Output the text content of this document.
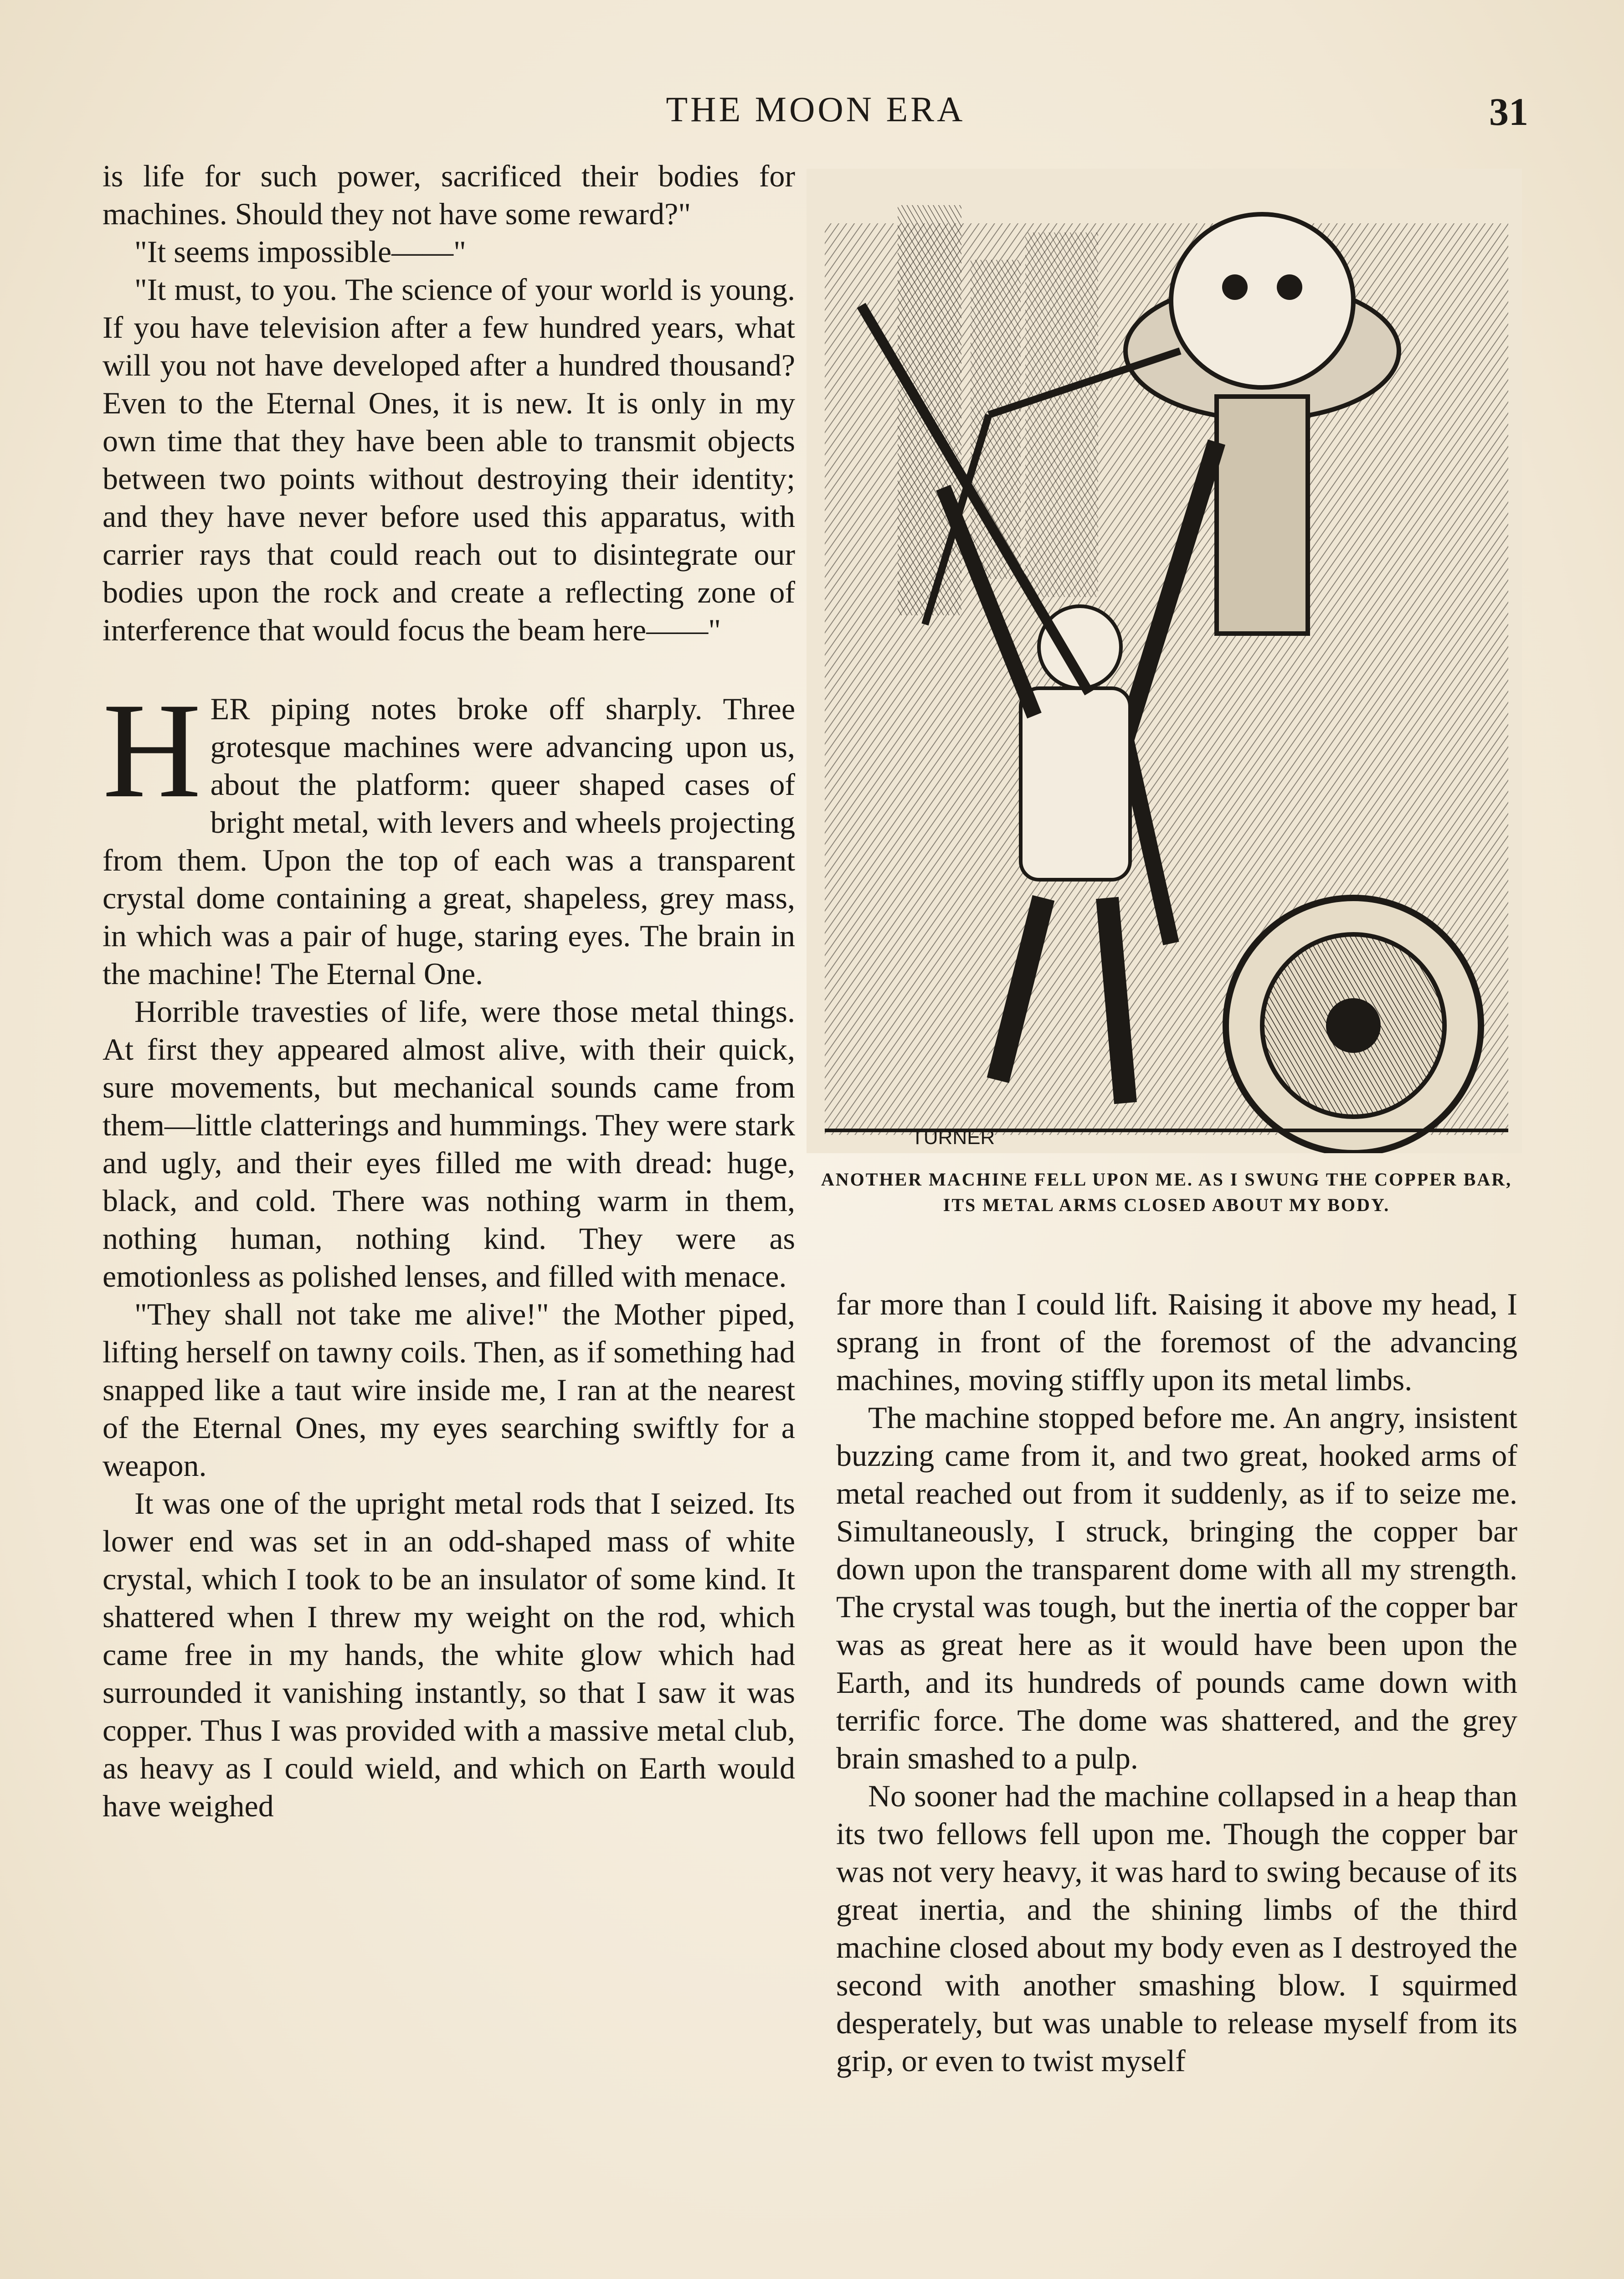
THE MOON ERA	31

is life for such power, sacrificed their bodies for machines. Should they not have some reward?"

"It seems impossible——"

"It must, to you. The science of your world is young. If you have television after a few hundred years, what will you not have developed after a hundred thousand? Even to the Eternal Ones, it is new. It is only in my own time that they have been able to transmit objects between two points without destroying their identity; and they have never before used this apparatus, with carrier rays that could reach out to disintegrate our bodies upon the rock and create a reflecting zone of interference that would focus the beam here——"

HER piping notes broke off sharply. Three grotesque machines were advancing upon us, about the platform: queer shaped cases of bright metal, with levers and wheels projecting from them. Upon the top of each was a transparent crystal dome containing a great, shapeless, grey mass, in which was a pair of huge, staring eyes. The brain in the machine! The Eternal One.

Horrible travesties of life, were those metal things. At first they appeared almost alive, with their quick, sure movements, but mechanical sounds came from them—little clatterings and hummings. They were stark and ugly, and their eyes filled me with dread: huge, black, and cold. There was nothing warm in them, nothing human, nothing kind. They were as emotionless as polished lenses, and filled with menace.

"They shall not take me alive!" the Mother piped, lifting herself on tawny coils. Then, as if something had snapped like a taut wire inside me, I ran at the nearest of the Eternal Ones, my eyes searching swiftly for a weapon.

It was one of the upright metal rods that I seized. Its lower end was set in an odd-shaped mass of white crystal, which I took to be an insulator of some kind. It shattered when I threw my weight on the rod, which came free in my hands, the white glow which had surrounded it vanishing instantly, so that I saw it was copper. Thus I was provided with a massive metal club, as heavy as I could wield, and which on Earth would have weighed

TURNER
ANOTHER MACHINE FELL UPON ME. AS I SWUNG THE COPPER BAR, ITS METAL ARMS CLOSED ABOUT MY BODY.

far more than I could lift. Raising it above my head, I sprang in front of the foremost of the advancing machines, moving stiffly upon its metal limbs.

The machine stopped before me. An angry, insistent buzzing came from it, and two great, hooked arms of metal reached out from it suddenly, as if to seize me. Simultaneously, I struck, bringing the copper bar down upon the transparent dome with all my strength. The crystal was tough, but the inertia of the copper bar was as great here as it would have been upon the Earth, and its hundreds of pounds came down with terrific force. The dome was shattered, and the grey brain smashed to a pulp.

No sooner had the machine collapsed in a heap than its two fellows fell upon me. Though the copper bar was not very heavy, it was hard to swing because of its great inertia, and the shining limbs of the third machine closed about my body even as I destroyed the second with another smashing blow. I squirmed desperately, but was unable to release myself from its grip, or even to twist myself
